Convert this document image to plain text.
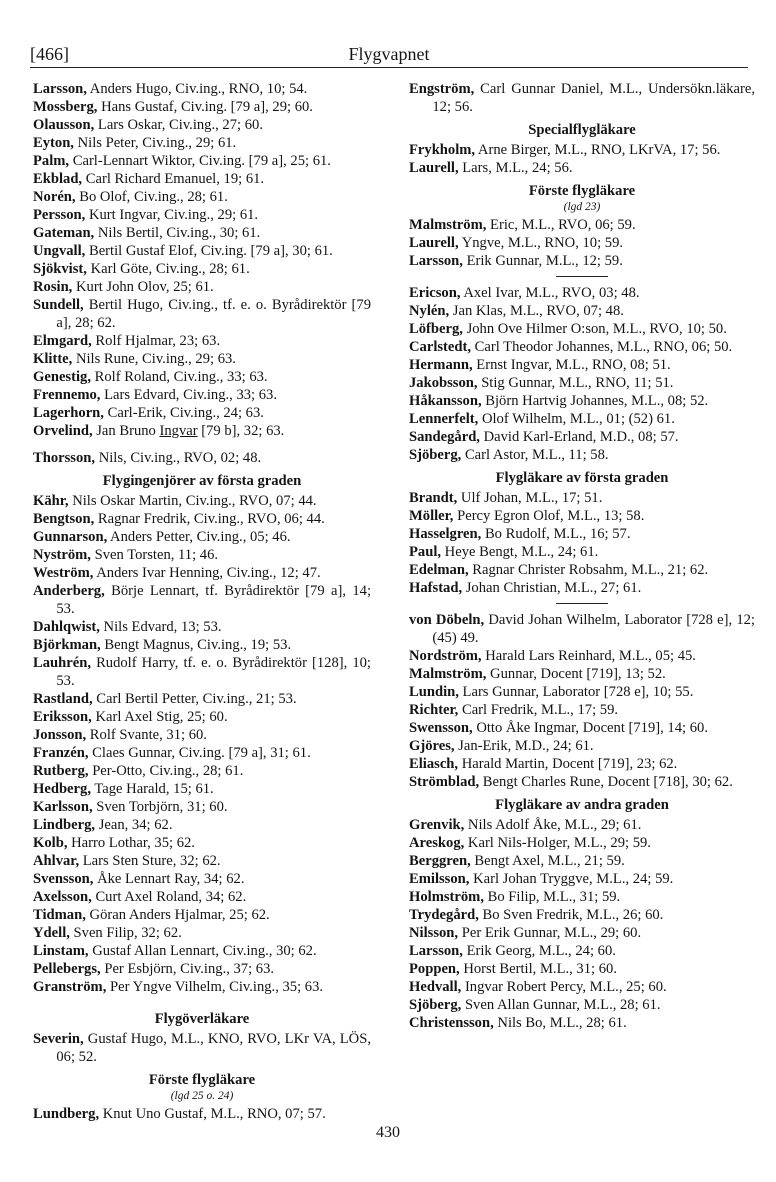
[466]	Flygvapnet

Larsson, Anders Hugo, Civ.ing., RNO, 10; 54.

Mossberg, Hans Gustaf, Civ.ing. [79 a], 29; 60.

Olausson, Lars Oskar, Civ.ing., 27; 60.

Eyton, Nils Peter, Civ.ing., 29; 61.

Palm, Carl-Lennart Wiktor, Civ.ing. [79 a], 25; 61.

Ekblad, Carl Richard Emanuel, 19; 61.

Norén, Bo Olof, Civ.ing., 28; 61.

Persson, Kurt Ingvar, Civ.ing., 29; 61.

Gateman, Nils Bertil, Civ.ing., 30; 61.

Ungvall, Bertil Gustaf Elof, Civ.ing. [79 a], 30; 61.

Sjökvist, Karl Göte, Civ.ing., 28; 61.

Rosin, Kurt John Olov, 25; 61.

Sundell, Bertil Hugo, Civ.ing., tf. e. o. Byrådirektör [79 a], 28; 62.

Elmgard, Rolf Hjalmar, 23; 63.

Klitte, Nils Rune, Civ.ing., 29; 63.

Genestig, Rolf Roland, Civ.ing., 33; 63.

Frennemo, Lars Edvard, Civ.ing., 33; 63.

Lagerhorn, Carl-Erik, Civ.ing., 24; 63.

Orvelind, Jan Bruno Ingvar [79 b], 32; 63.

Thorsson, Nils, Civ.ing., RVO, 02; 48.

Flygingenjörer av första graden

Kähr, Nils Oskar Martin, Civ.ing., RVO, 07; 44.

Bengtson, Ragnar Fredrik, Civ.ing., RVO, 06; 44.

Gunnarson, Anders Petter, Civ.ing., 05; 46.

Nyström, Sven Torsten, 11; 46.

Weström, Anders Ivar Henning, Civ.ing., 12; 47.

Anderberg, Börje Lennart, tf. Byrådirektör [79 a], 14; 53.

Dahlqwist, Nils Edvard, 13; 53.

Björkman, Bengt Magnus, Civ.ing., 19; 53.

Lauhrén, Rudolf Harry, tf. e. o. Byrådirektör [128], 10; 53.

Rastland, Carl Bertil Petter, Civ.ing., 21; 53.

Eriksson, Karl Axel Stig, 25; 60.

Jonsson, Rolf Svante, 31; 60.

Franzén, Claes Gunnar, Civ.ing. [79 a], 31; 61.

Rutberg, Per-Otto, Civ.ing., 28; 61.

Hedberg, Tage Harald, 15; 61.

Karlsson, Sven Torbjörn, 31; 60.

Lindberg, Jean, 34; 62.

Kolb, Harro Lothar, 35; 62.

Ahlvar, Lars Sten Sture, 32; 62.

Svensson, Åke Lennart Ray, 34; 62.

Axelsson, Curt Axel Roland, 34; 62.

Tidman, Göran Anders Hjalmar, 25; 62.

Ydell, Sven Filip, 32; 62.

Linstam, Gustaf Allan Lennart, Civ.ing., 30; 62.

Pellebergs, Per Esbjörn, Civ.ing., 37; 63.

Granström, Per Yngve Vilhelm, Civ.ing., 35; 63.

Flygöverläkare

Severin, Gustaf Hugo, M.L., KNO, RVO, LKr VA, LÖS, 06; 52.

Förste flygläkare
(lgd 25 o. 24)

Lundberg, Knut Uno Gustaf, M.L., RNO, 07; 57.

Engström, Carl Gunnar Daniel, M.L., Undersökn.läkare, 12; 56.

Specialflygläkare

Frykholm, Arne Birger, M.L., RNO, LKrVA, 17; 56.

Laurell, Lars, M.L., 24; 56.

Förste flygläkare
(lgd 23)

Malmström, Eric, M.L., RVO, 06; 59.

Laurell, Yngve, M.L., RNO, 10; 59.

Larsson, Erik Gunnar, M.L., 12; 59.

Ericson, Axel Ivar, M.L., RVO, 03; 48.

Nylén, Jan Klas, M.L., RVO, 07; 48.

Löfberg, John Ove Hilmer O:son, M.L., RVO, 10; 50.

Carlstedt, Carl Theodor Johannes, M.L., RNO, 06; 50.

Hermann, Ernst Ingvar, M.L., RNO, 08; 51.

Jakobsson, Stig Gunnar, M.L., RNO, 11; 51.

Håkansson, Björn Hartvig Johannes, M.L., 08; 52.

Lennerfelt, Olof Wilhelm, M.L., 01; (52) 61.

Sandegård, David Karl-Erland, M.D., 08; 57.

Sjöberg, Carl Astor, M.L., 11; 58.

Flygläkare av första graden

Brandt, Ulf Johan, M.L., 17; 51.

Möller, Percy Egron Olof, M.L., 13; 58.

Hasselgren, Bo Rudolf, M.L., 16; 57.

Paul, Heye Bengt, M.L., 24; 61.

Edelman, Ragnar Christer Robsahm, M.L., 21; 62.

Hafstad, Johan Christian, M.L., 27; 61.

von Döbeln, David Johan Wilhelm, Laborator [728 e], 12; (45) 49.

Nordström, Harald Lars Reinhard, M.L., 05; 45.

Malmström, Gunnar, Docent [719], 13; 52.

Lundin, Lars Gunnar, Laborator [728 e], 10; 55.

Richter, Carl Fredrik, M.L., 17; 59.

Swensson, Otto Åke Ingmar, Docent [719], 14; 60.

Gjöres, Jan-Erik, M.D., 24; 61.

Eliasch, Harald Martin, Docent [719], 23; 62.

Strömblad, Bengt Charles Rune, Docent [718], 30; 62.

Flygläkare av andra graden

Grenvik, Nils Adolf Åke, M.L., 29; 61.

Areskog, Karl Nils-Holger, M.L., 29; 59.

Berggren, Bengt Axel, M.L., 21; 59.

Emilsson, Karl Johan Tryggve, M.L., 24; 59.

Holmström, Bo Filip, M.L., 31; 59.

Trydegård, Bo Sven Fredrik, M.L., 26; 60.

Nilsson, Per Erik Gunnar, M.L., 29; 60.

Larsson, Erik Georg, M.L., 24; 60.

Poppen, Horst Bertil, M.L., 31; 60.

Hedvall, Ingvar Robert Percy, M.L., 25; 60.

Sjöberg, Sven Allan Gunnar, M.L., 28; 61.

Christensson, Nils Bo, M.L., 28; 61.

430
